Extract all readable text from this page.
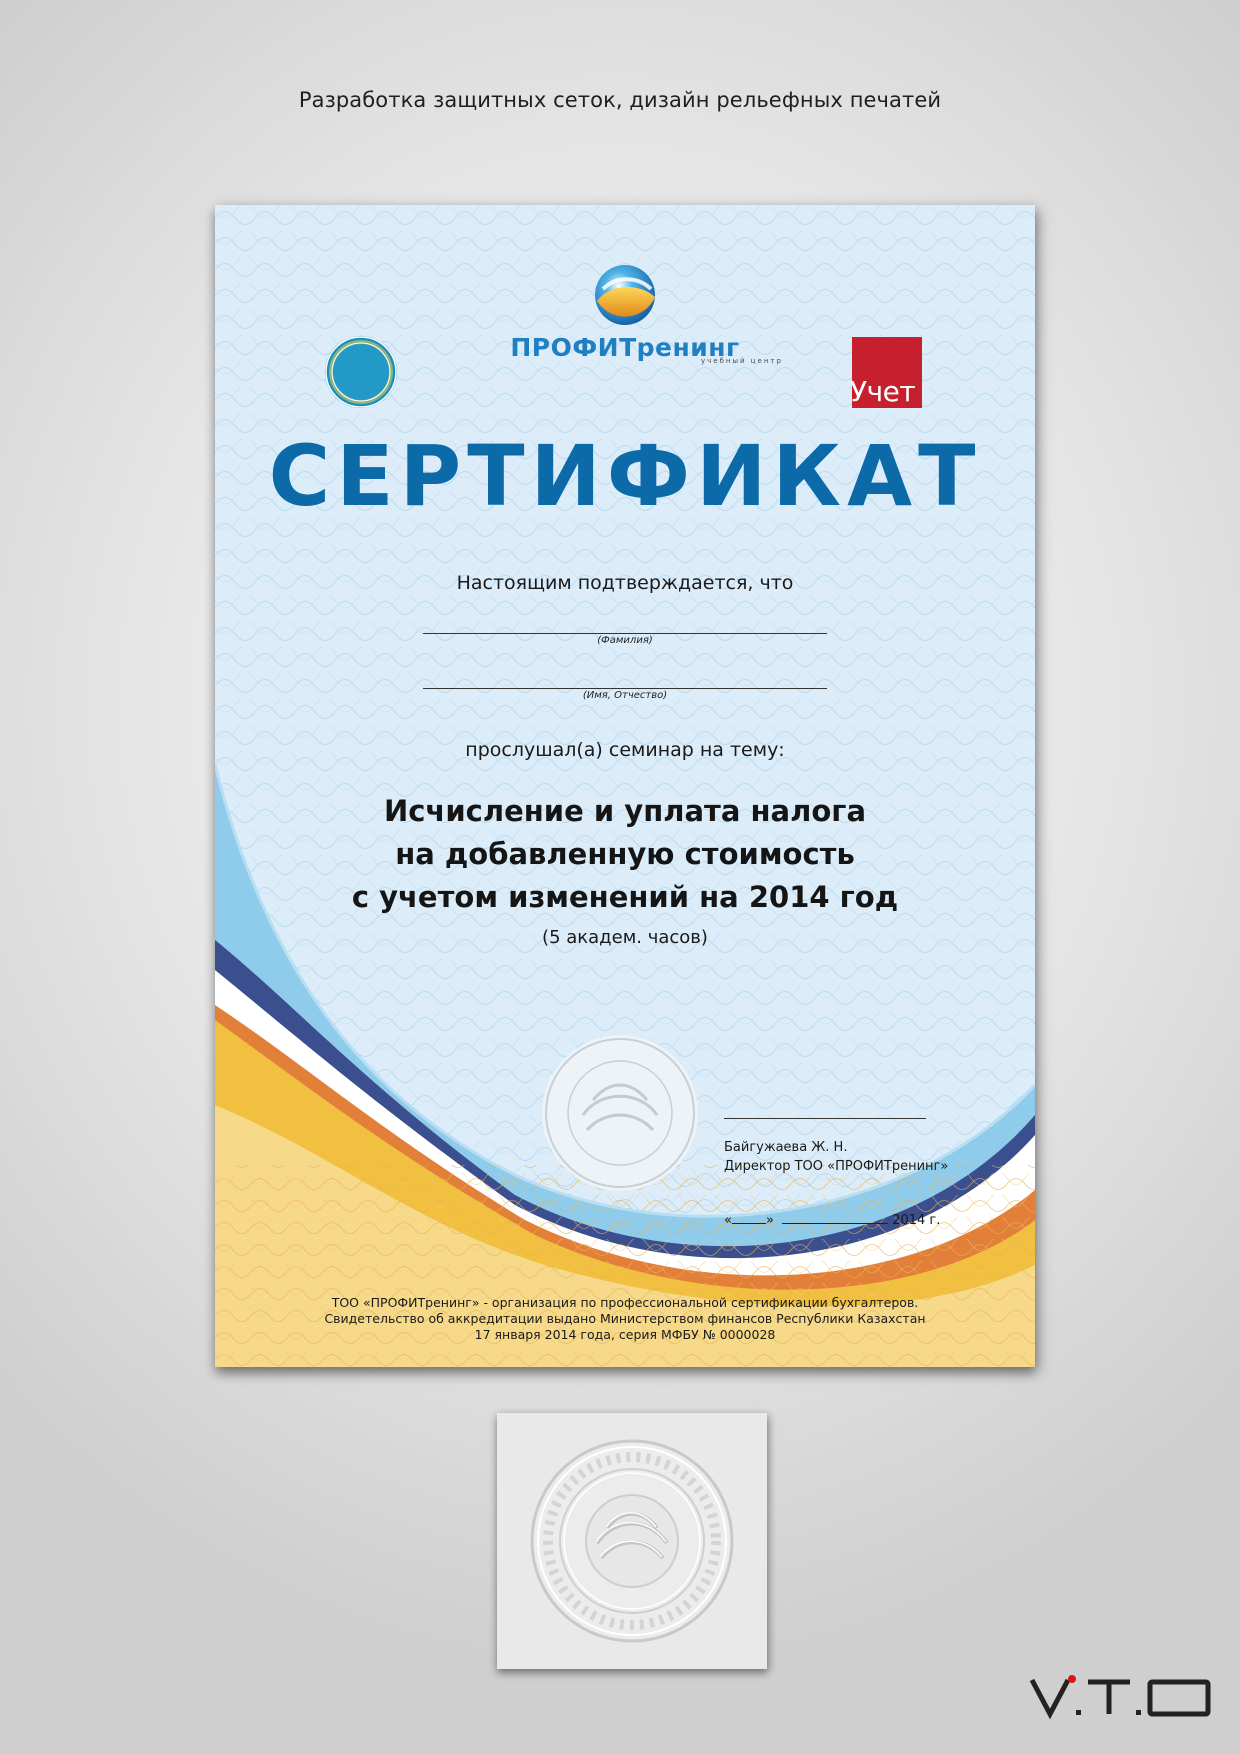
Разработка защитных сеток, дизайн рельефных печатей
ПРОФИТренинг
учебный центр
Учет
СЕРТИФИКАТ
Настоящим подтверждается, что
(Фамилия)
(Имя, Отчество)
прослушал(а) семинар на тему:
Исчисление и уплата налога
на добавленную стоимость
с учетом изменений на 2014 год
(5 академ. часов)
Байгужаева Ж. Н.
Директор ТОО «ПРОФИТренинг»
«	»	2014 г.
ТОО «ПРОФИТренинг» - организация по профессиональной сертификации бухгалтеров.
Свидетельство об аккредитации выдано Министерством финансов Республики Казахстан
17 января 2014 года, серия МФБУ № 0000028
